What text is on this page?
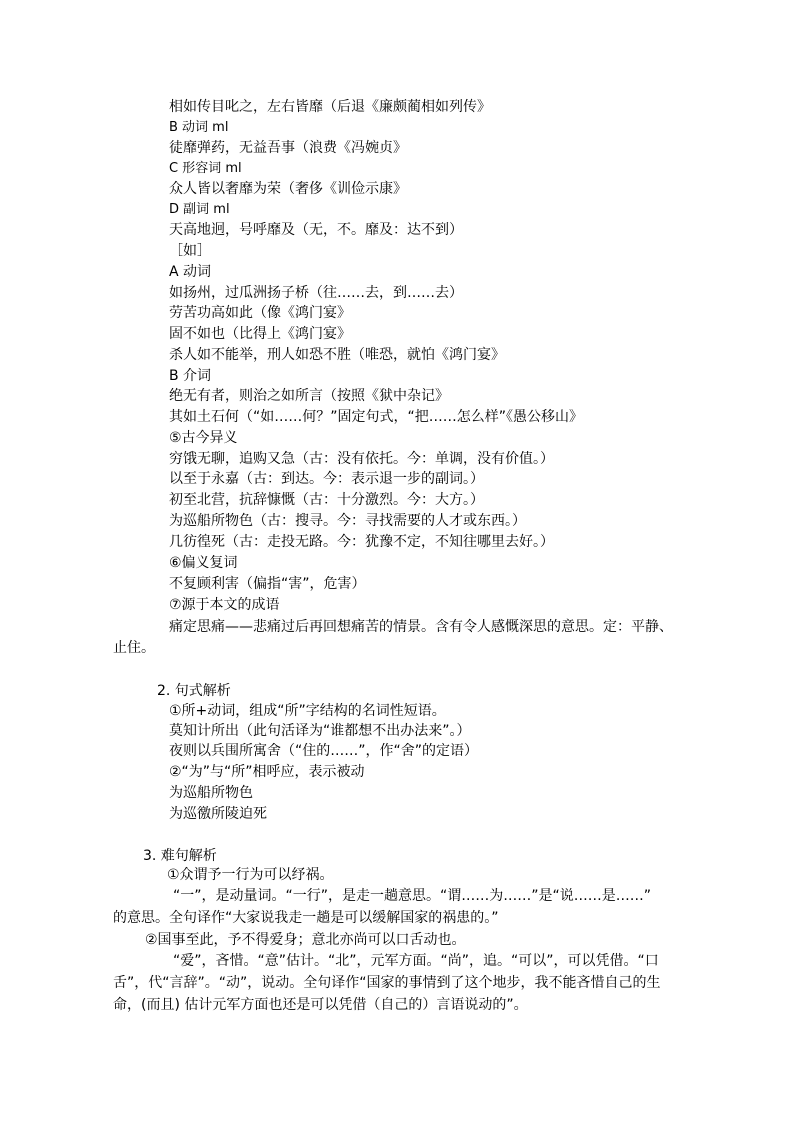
相如传目叱之，左右皆靡（后退《廉颇蔺相如列传》
B 动词 ml
徒靡弹药，无益吾事（浪费《冯婉贞》
C 形容词 ml
众人皆以奢靡为荣（奢侈《训俭示康》
D 副词 ml
天高地迥，号呼靡及（无，不。靡及：达不到）
［如］
A 动词
如扬州，过瓜洲扬子桥（往……去，到……去）
劳苦功高如此（像《鸿门宴》
固不如也（比得上《鸿门宴》
杀人如不能举，刑人如恐不胜（唯恐，就怕《鸿门宴》
B 介词
绝无有者，则治之如所言（按照《狱中杂记》
其如土石何（“如……何？”固定句式，“把……怎么样”《愚公移山》
⑤古今异义
穷饿无聊，追购又急（古：没有依托。今：单调，没有价值。）
以至于永嘉（古：到达。今：表示退一步的副词。）
初至北营，抗辞慷慨（古：十分激烈。今：大方。）
为巡船所物色（古：搜寻。今：寻找需要的人才或东西。）
几彷徨死（古：走投无路。今：犹豫不定，不知往哪里去好。）
⑥偏义复词
不复顾利害（偏指“害”，危害）
⑦源于本文的成语
痛定思痛——悲痛过后再回想痛苦的情景。含有令人感慨深思的意思。定：平静、
止住。
2. 句式解析
①所+动词，组成“所”字结构的名词性短语。
莫知计所出（此句活译为“谁都想不出办法来”。）
夜则以兵围所寓舍（“住的……”，作“舍”的定语）
②“为”与“所”相呼应，表示被动
为巡船所物色
为巡徼所陵迫死
3. 难句解析
①众谓予一行为可以纾祸。
“一”，是动量词。“一行”，是走一趟意思。“谓……为……”是“说……是……”
的意思。全句译作“大家说我走一趟是可以缓解国家的祸患的。”
②国事至此，予不得爱身；意北亦尚可以口舌动也。
“爱”，吝惜。“意”估计。“北”，元军方面。“尚”，追。“可以”，可以凭借。“口
舌”，代“言辞”。“动”，说动。全句译作“国家的事情到了这个地步，我不能吝惜自己的生
命，(而且) 估计元军方面也还是可以凭借（自己的）言语说动的”。
